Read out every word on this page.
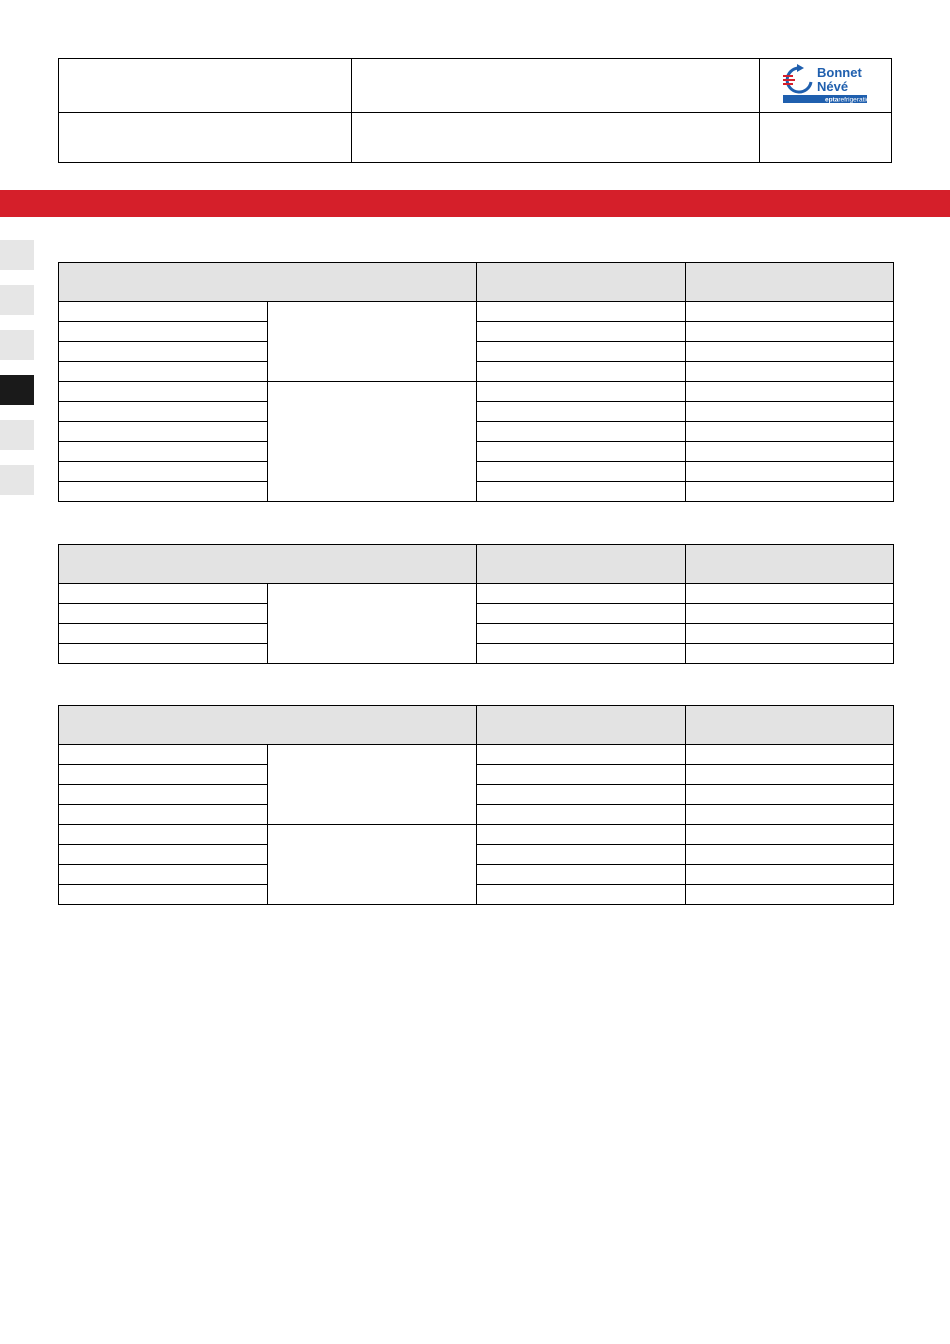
Bonnet
Névé
eptarefrigeration
